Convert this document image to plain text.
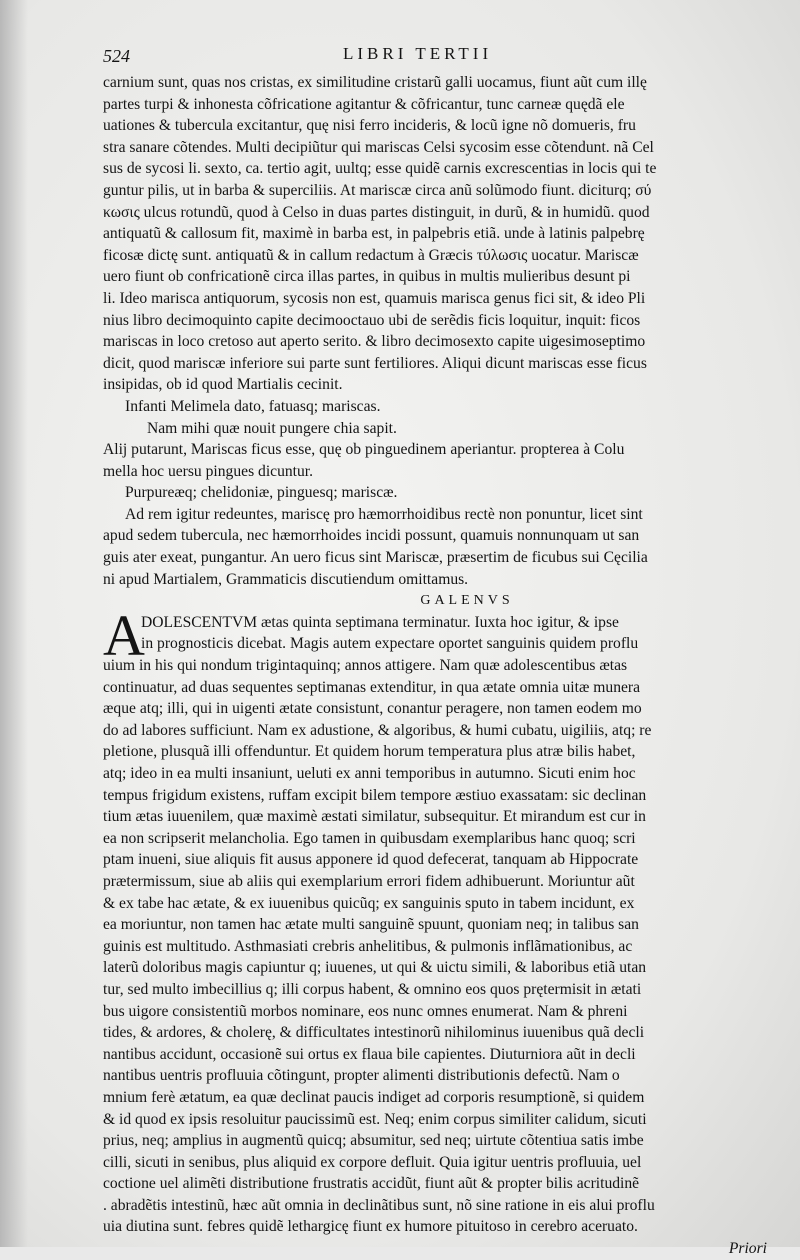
524	LIBRI TERTII
carnium sunt, quas nos cristas, ex similitudine cristarũ galli uocamus, fiunt aũt cum illę
partes turpi & inhonesta cõfricatione agitantur & cõfricantur, tunc carneæ quędã ele
uationes & tubercula excitantur, quę nisi ferro incideris, & locũ igne nõ domueris, fru
stra sanare cõtendes. Multi decipiũtur qui mariscas Celsi sycosim esse cõtendunt. nã Cel
sus de sycosi li. sexto, ca. tertio agit, uultq; esse quidẽ carnis excrescentias in locis qui te
guntur pilis, ut in barba & superciliis. At mariscæ circa anũ solũmodo fiunt. diciturq; σύ
κωσις ulcus rotundũ, quod à Celso in duas partes distinguit, in durũ, & in humidũ. quod
antiquatũ & callosum fit, maximè in barba est, in palpebris etiã. unde à latinis palpebrę
ficosæ dictę sunt. antiquatũ & in callum redactum à Græcis τύλωσις uocatur. Mariscæ
uero fiunt ob confricationẽ circa illas partes, in quibus in multis mulieribus desunt pi
li. Ideo marisca antiquorum, sycosis non est, quamuis marisca genus fici sit, & ideo Pli
nius libro decimoquinto capite decimooctauo ubi de serẽdis ficis loquitur, inquit: ficos
mariscas in loco cretoso aut aperto serito. & libro decimosexto capite uigesimoseptimo
dicit, quod mariscæ inferiore sui parte sunt fertiliores. Aliqui dicunt mariscas esse ficus
insipidas, ob id quod Martialis cecinit.
Infanti Melimela dato, fatuasq; mariscas.
Nam mihi quæ nouit pungere chia sapit.
Alij putarunt, Mariscas ficus esse, quę ob pinguedinem aperiantur. propterea à Colu
mella hoc uersu pingues dicuntur.
Purpureæq; chelidoniæ, pinguesq; mariscæ.
Ad rem igitur redeuntes, mariscę pro hæmorrhoidibus rectè non ponuntur, licet sint
apud sedem tubercula, nec hæmorrhoides incidi possunt, quamuis nonnunquam ut san
guis ater exeat, pungantur. An uero ficus sint Mariscæ, præsertim de ficubus sui Cęcilia
ni apud Martialem, Grammaticis discutiendum omittamus.
GALENVS
A
DOLESCENTVM ætas quinta septimana terminatur. Iuxta hoc igitur, & ipse
in prognosticis dicebat. Magis autem expectare oportet sanguinis quidem proflu
uium in his qui nondum trigintaquinq; annos attigere. Nam quæ adolescentibus ætas
continuatur, ad duas sequentes septimanas extenditur, in qua ætate omnia uitæ munera
æque atq; illi, qui in uigenti ætate consistunt, conantur peragere, non tamen eodem mo
do ad labores sufficiunt. Nam ex adustione, & algoribus, & humi cubatu, uigiliis, atq; re
pletione, plusquã illi offenduntur. Et quidem horum temperatura plus atræ bilis habet,
atq; ideo in ea multi insaniunt, ueluti ex anni temporibus in autumno. Sicuti enim hoc
tempus frigidum existens, ruffam excipit bilem tempore æstiuo exassatam: sic declinan
tium ætas iuuenilem, quæ maximè æstati similatur, subsequitur. Et mirandum est cur in
ea non scripserit melancholia. Ego tamen in quibusdam exemplaribus hanc quoq; scri
ptam inueni, siue aliquis fit ausus apponere id quod defecerat, tanquam ab Hippocrate
prætermissum, siue ab aliis qui exemplarium errori fidem adhibuerunt. Moriuntur aũt
& ex tabe hac ætate, & ex iuuenibus quicũq; ex sanguinis sputo in tabem incidunt, ex
ea moriuntur, non tamen hac ætate multi sanguinẽ spuunt, quoniam neq; in talibus san
guinis est multitudo. Asthmasiati crebris anhelitibus, & pulmonis inflãmationibus, ac
laterũ doloribus magis capiuntur q; iuuenes, ut qui & uictu simili, & laboribus etiã utan
tur, sed multo imbecillius q; illi corpus habent, & omnino eos quos prętermisit in ætati
bus uigore consistentiũ morbos nominare, eos nunc omnes enumerat. Nam & phreni
tides, & ardores, & cholerę, & difficultates intestinorũ nihilominus iuuenibus quã decli
nantibus accidunt, occasionẽ sui ortus ex flaua bile capientes. Diuturniora aũt in decli
nantibus uentris profluuia cõtingunt, propter alimenti distributionis defectũ. Nam o
mnium ferè ætatum, ea quæ declinat paucis indiget ad corporis resumptionẽ, si quidem
& id quod ex ipsis resoluitur paucissimũ est. Neq; enim corpus similiter calidum, sicuti
prius, neq; amplius in augmentũ quicq; absumitur, sed neq; uirtute cõtentiua satis imbe
cilli, sicuti in senibus, plus aliquid ex corpore defluit. Quia igitur uentris profluuia, uel
coctione uel alimẽti distributione frustratis accidũt, fiunt aũt & propter bilis acritudinẽ
. abradẽtis intestinũ, hæc aũt omnia in declinãtibus sunt, nõ sine ratione in eis alui proflu
uia diutina sunt. febres quidẽ lethargicę fiunt ex humore pituitoso in cerebro aceruato.
Priori
